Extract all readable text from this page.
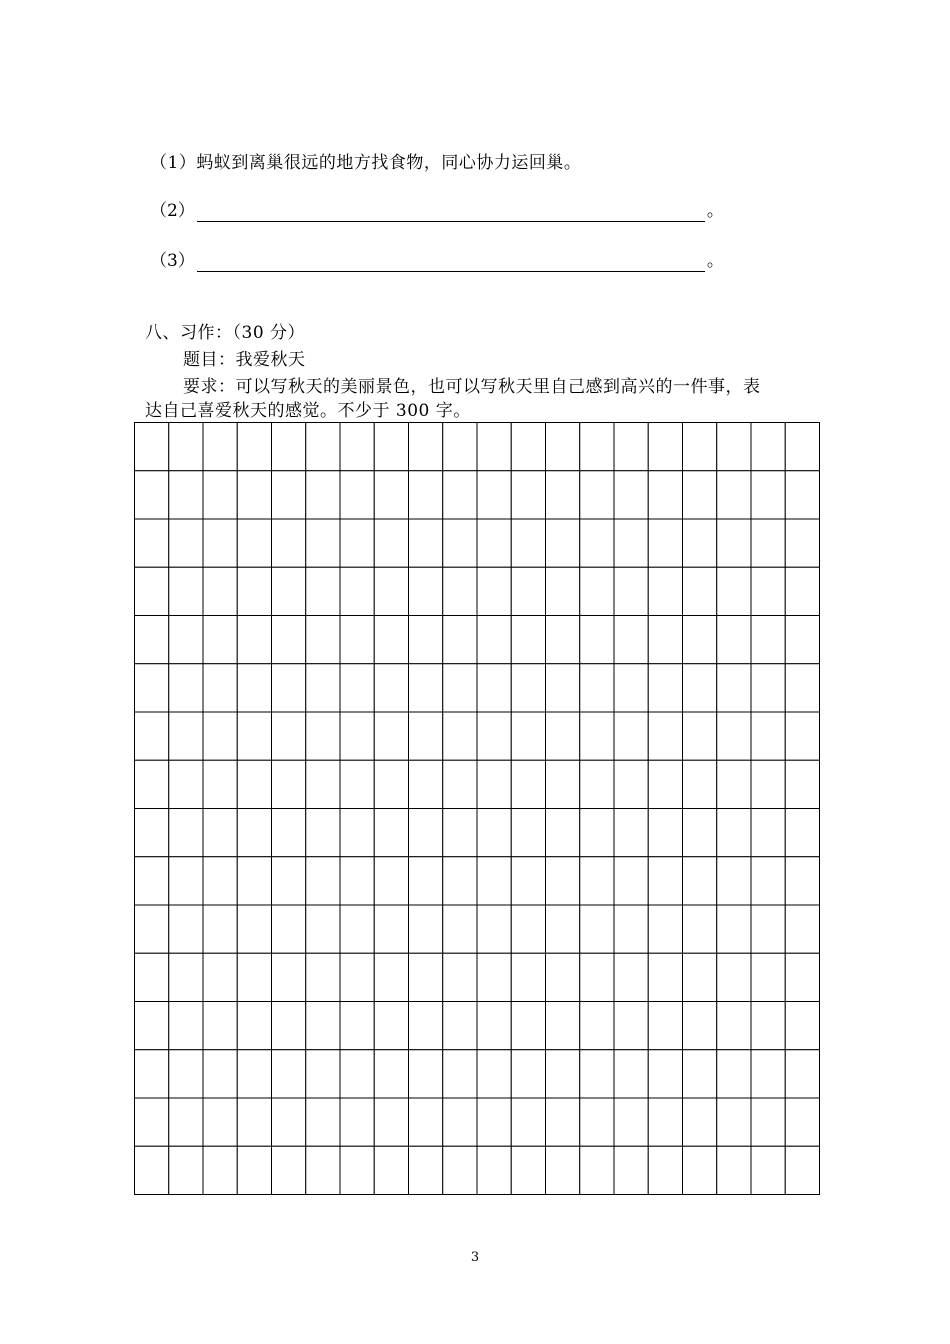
（1）蚂蚁到离巢很远的地方找食物，同心协力运回巢。
（2）	。
（3）	。
八、习作：（30 分）
题目：我爱秋天
要求：可以写秋天的美丽景色，也可以写秋天里自己感到高兴的一件事，表
达自己喜爱秋天的感觉。不少于 300 字。
3
